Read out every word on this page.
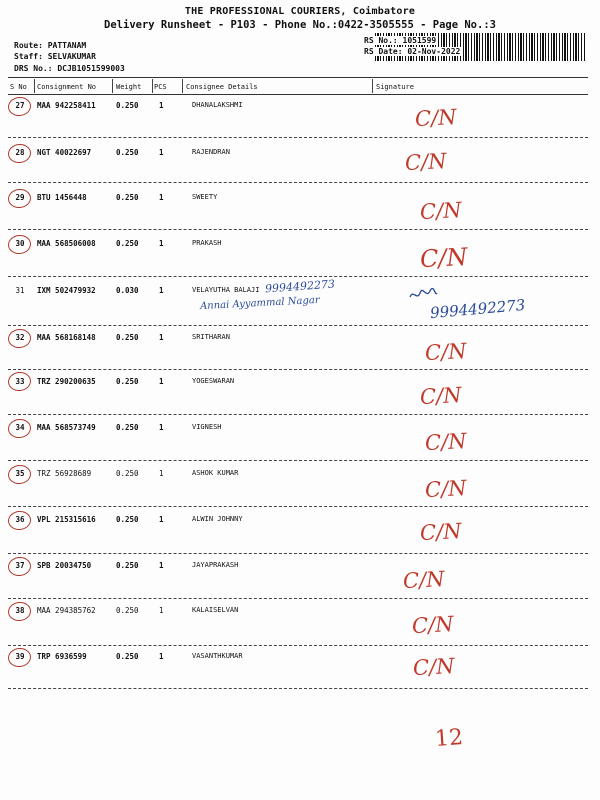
THE PROFESSIONAL COURIERS, Coimbatore
Delivery Runsheet - P103 - Phone No.:0422-3505555 - Page No.:3
Route: PATTANAM
Staff: SELVAKUMAR
DRS No.: DCJB1051599003
RS No.: 1051599
RS Date: 02-Nov-2022
S No Consignment No	Weight PCS	Consignee Details	Signature
27	MAA 942258411	0.250	1	DHANALAKSHMI	C/N
28	NGT 40022697	0.250	1	RAJENDRAN	C/N
29	BTU 1456448	0.250	1	SWEETY
C/N
30	MAA 568506008	0.250	1	PRAKASH	C/N
31	IXM 502479932	0.030	1	VELAYUTHA BALAJI 9994492273
Annai Ayyammal Nagar	9994492273
32	MAA 568168148	0.250	1	SRITHARAN
C/N
33	TRZ 290200635	0.250	1	YOGESWARAN
C/N
34	MAA 568573749	0.250	1	VIGNESH
C/N
35	TRZ 56928689	0.250	1	ASHOK KUMAR
C/N
36	VPL 215315616	0.250	1	ALWIN JOHNNY	C/N
37	SPB 20034750	0.250	1	JAYAPRAKASH
C/N
38	MAA 294385762	0.250	1	KALAISELVAN
C/N
39	TRP 6936599	0.250	1	VASANTHKUMAR	C/N
12
